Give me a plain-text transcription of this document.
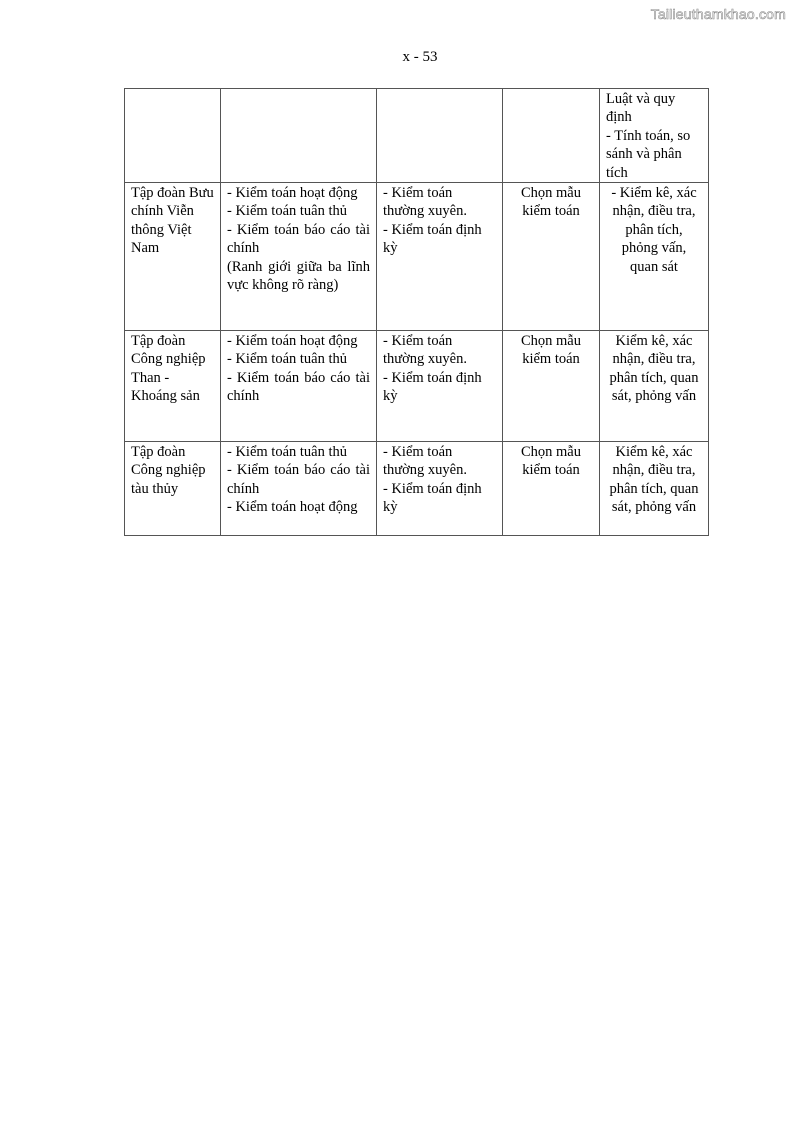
Tailieuthamkhao.com
x - 53

				Luật và quy định
- Tính toán, so sánh và phân tích

Tập đoàn Bưu chính Viễn thông Việt Nam	- Kiểm toán hoạt động
- Kiểm toán tuân thủ
- Kiểm toán báo cáo tài chính
(Ranh giới giữa ba lĩnh vực không rõ ràng)	- Kiểm toán thường xuyên.
- Kiểm toán định kỳ	Chọn mẫu kiểm toán	- Kiểm kê, xác nhận, điều tra, phân tích, phỏng vấn, quan sát
Tập đoàn Công nghiệp Than - Khoáng sản	- Kiểm toán hoạt động
- Kiểm toán tuân thủ
- Kiểm toán báo cáo tài chính	- Kiểm toán thường xuyên.
- Kiểm toán định kỳ	Chọn mẫu kiểm toán	Kiểm kê, xác nhận, điều tra, phân tích, quan sát, phỏng vấn
Tập đoàn Công nghiệp tàu thủy	- Kiểm toán tuân thủ
- Kiểm toán báo cáo tài chính
- Kiểm toán hoạt động	- Kiểm toán thường xuyên.
- Kiểm toán định kỳ	Chọn mẫu kiểm toán	Kiểm kê, xác nhận, điều tra, phân tích, quan sát, phỏng vấn
